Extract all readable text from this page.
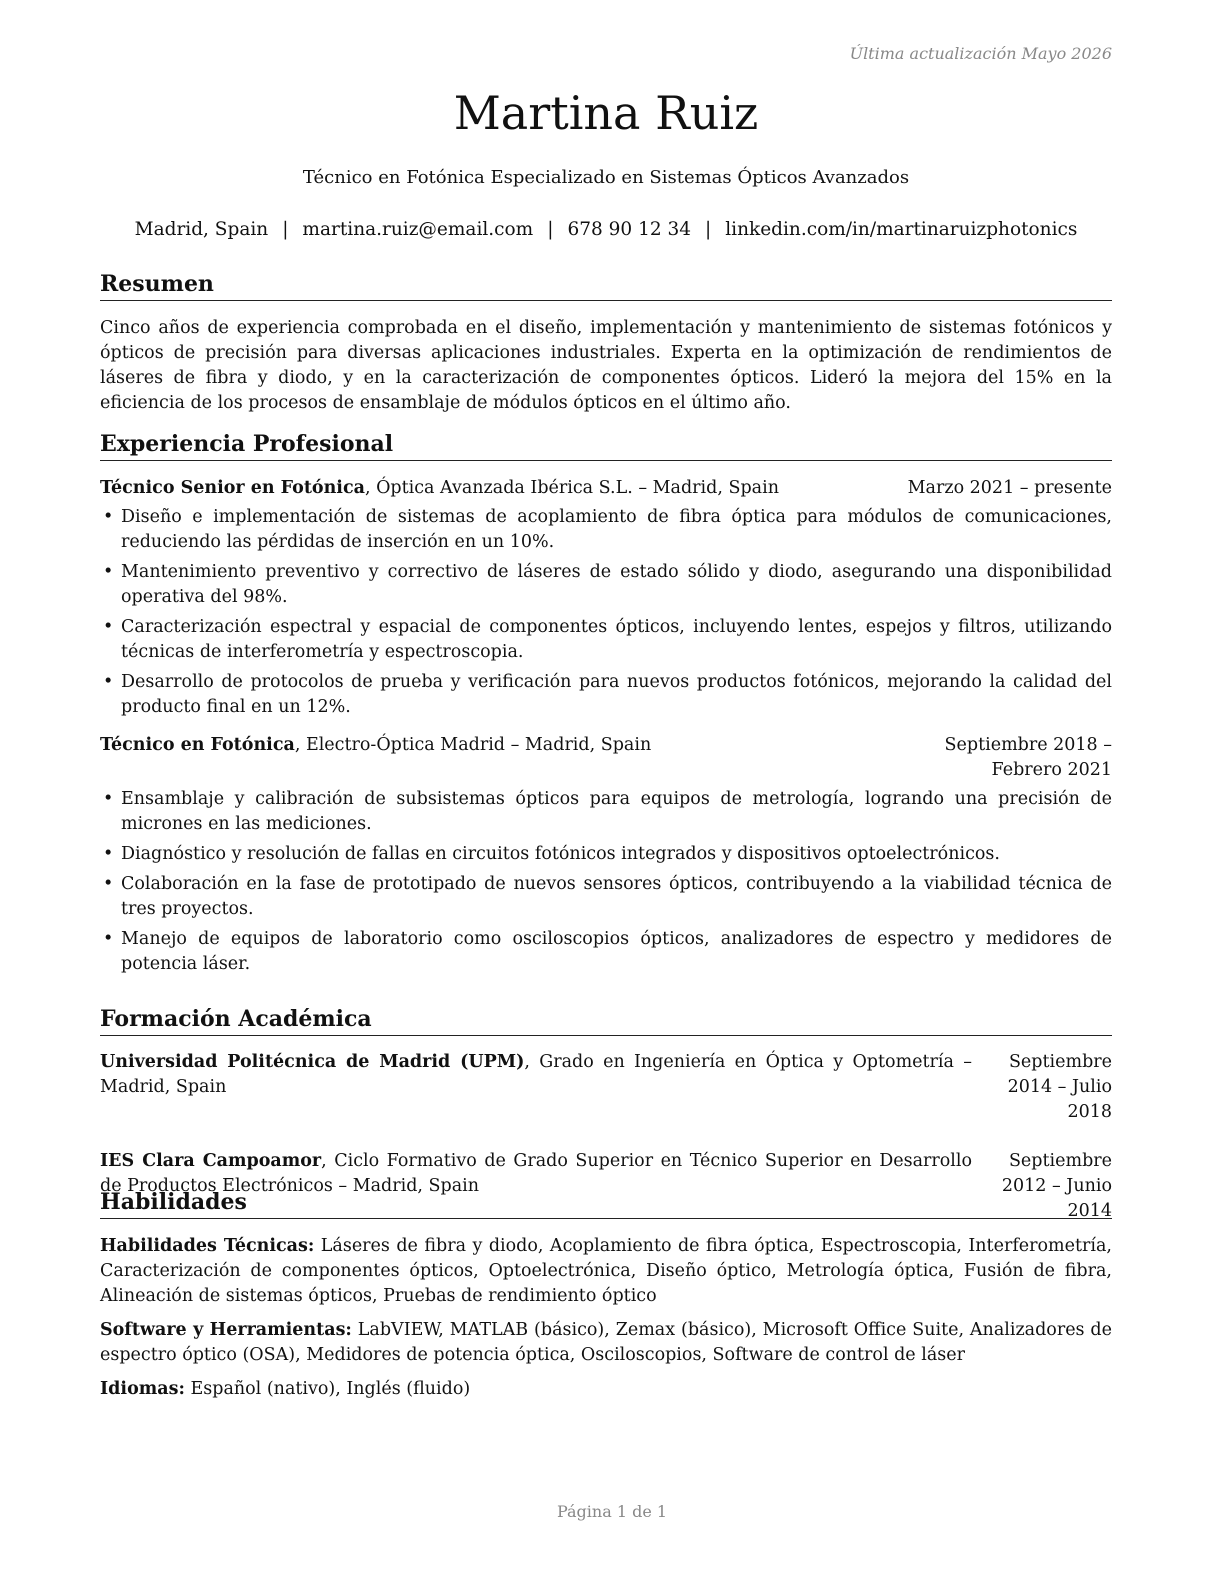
Última actualización Mayo 2026
Martina Ruiz
Técnico en Fotónica Especializado en Sistemas Ópticos Avanzados
Madrid, Spain | martina.ruiz@email.com | 678 90 12 34 | linkedin.com/in/martinaruizphotonics
Resumen

Cinco años de experiencia comprobada en el diseño, implementación y mantenimiento de sistemas fotónicos y ópticos de precisión para diversas aplicaciones industriales. Experta en la optimización de rendimientos de láseres de fibra y diodo, y en la caracterización de componentes ópticos. Lideró la mejora del 15% en la eficiencia de los procesos de ensamblaje de módulos ópticos en el último año.

Experiencia Profesional
Técnico Senior en Fotónica, Óptica Avanzada Ibérica S.L. – Madrid, Spain	Marzo 2021 – presente
• Diseño e implementación de sistemas de acoplamiento de fibra óptica para módulos de comunicaciones, reduciendo las pérdidas de inserción en un 10%.
• Mantenimiento preventivo y correctivo de láseres de estado sólido y diodo, asegurando una disponibilidad operativa del 98%.
• Caracterización espectral y espacial de componentes ópticos, incluyendo lentes, espejos y filtros, utilizando técnicas de interferometría y espectroscopia.
• Desarrollo de protocolos de prueba y verificación para nuevos productos fotónicos, mejorando la calidad del producto final en un 12%.
Técnico en Fotónica, Electro-Óptica Madrid – Madrid, Spain	Septiembre 2018 – Febrero 2021
• Ensamblaje y calibración de subsistemas ópticos para equipos de metrología, logrando una precisión de micrones en las mediciones.
• Diagnóstico y resolución de fallas en circuitos fotónicos integrados y dispositivos optoelectrónicos.
• Colaboración en la fase de prototipado de nuevos sensores ópticos, contribuyendo a la viabilidad técnica de tres proyectos.
• Manejo de equipos de laboratorio como osciloscopios ópticos, analizadores de espectro y medidores de potencia láser.
Formación Académica
Universidad Politécnica de Madrid (UPM), Grado en Ingeniería en Óptica y Optometría – Madrid, Spain
Septiembre 2014 – Julio 2018
IES Clara Campoamor, Ciclo Formativo de Grado Superior en Técnico Superior en Desarrollo de Productos Electrónicos – Madrid, Spain
Septiembre 2012 – Junio 2014
Habilidades

Habilidades Técnicas: Láseres de fibra y diodo, Acoplamiento de fibra óptica, Espectroscopia, Interferometría, Caracterización de componentes ópticos, Optoelectrónica, Diseño óptico, Metrología óptica, Fusión de fibra, Alineación de sistemas ópticos, Pruebas de rendimiento óptico

Software y Herramientas: LabVIEW, MATLAB (básico), Zemax (básico), Microsoft Office Suite, Analizadores de espectro óptico (OSA), Medidores de potencia óptica, Osciloscopios, Software de control de láser

Idiomas: Español (nativo), Inglés (fluido)

Página 1 de 1
